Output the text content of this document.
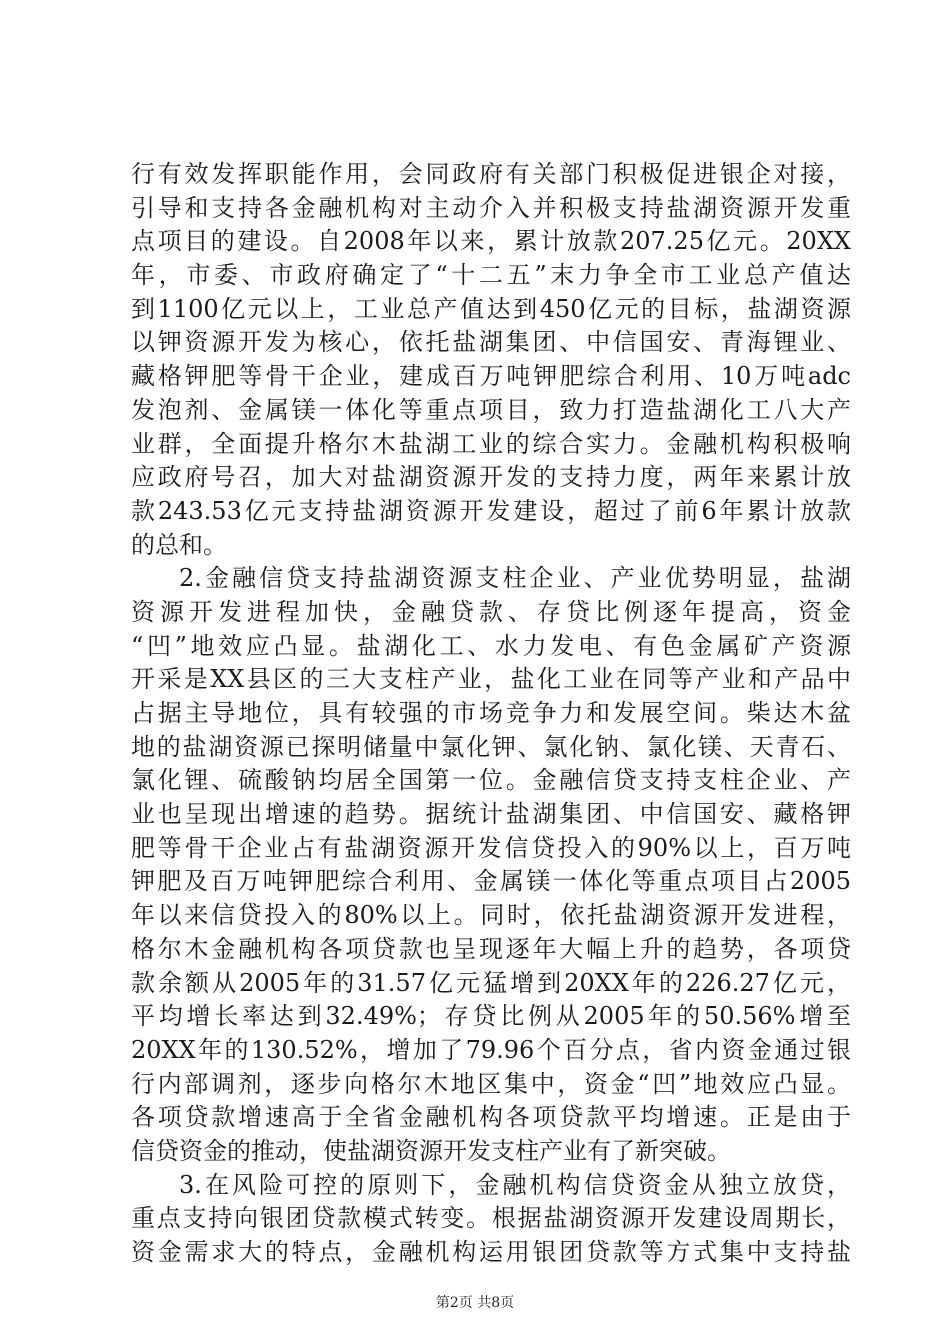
行有效发挥职能作用，会同政府有关部门积极促进银企对接，
引导和支持各金融机构对主动介入并积极支持盐湖资源开发重
点项目的建设。自2008年以来，累计放款207.25亿元。20XX
年，市委、市政府确定了“十二五”末力争全市工业总产值达
到1100亿元以上，工业总产值达到450亿元的目标，盐湖资源
以钾资源开发为核心，依托盐湖集团、中信国安、青海锂业、
藏格钾肥等骨干企业，建成百万吨钾肥综合利用、10万吨adc
发泡剂、金属镁一体化等重点项目，致力打造盐湖化工八大产
业群，全面提升格尔木盐湖工业的综合实力。金融机构积极响
应政府号召，加大对盐湖资源开发的支持力度，两年来累计放
款243.53亿元支持盐湖资源开发建设，超过了前6年累计放款
的总和。
2.金融信贷支持盐湖资源支柱企业、产业优势明显，盐湖
资源开发进程加快，金融贷款、存贷比例逐年提高，资金
“凹”地效应凸显。盐湖化工、水力发电、有色金属矿产资源
开采是XX县区的三大支柱产业，盐化工业在同等产业和产品中
占据主导地位，具有较强的市场竞争力和发展空间。柴达木盆
地的盐湖资源已探明储量中氯化钾、氯化钠、氯化镁、天青石、
氯化锂、硫酸钠均居全国第一位。金融信贷支持支柱企业、产
业也呈现出增速的趋势。据统计盐湖集团、中信国安、藏格钾
肥等骨干企业占有盐湖资源开发信贷投入的90%以上，百万吨
钾肥及百万吨钾肥综合利用、金属镁一体化等重点项目占2005
年以来信贷投入的80%以上。同时，依托盐湖资源开发进程，
格尔木金融机构各项贷款也呈现逐年大幅上升的趋势，各项贷
款余额从2005年的31.57亿元猛增到20XX年的226.27亿元，
平均增长率达到32.49%；存贷比例从2005年的50.56%增至
20XX年的130.52%，增加了79.96个百分点，省内资金通过银
行内部调剂，逐步向格尔木地区集中，资金“凹”地效应凸显。
各项贷款增速高于全省金融机构各项贷款平均增速。正是由于
信贷资金的推动，使盐湖资源开发支柱产业有了新突破。
3.在风险可控的原则下，金融机构信贷资金从独立放贷，
重点支持向银团贷款模式转变。根据盐湖资源开发建设周期长，
资金需求大的特点，金融机构运用银团贷款等方式集中支持盐
第2页 共8页
